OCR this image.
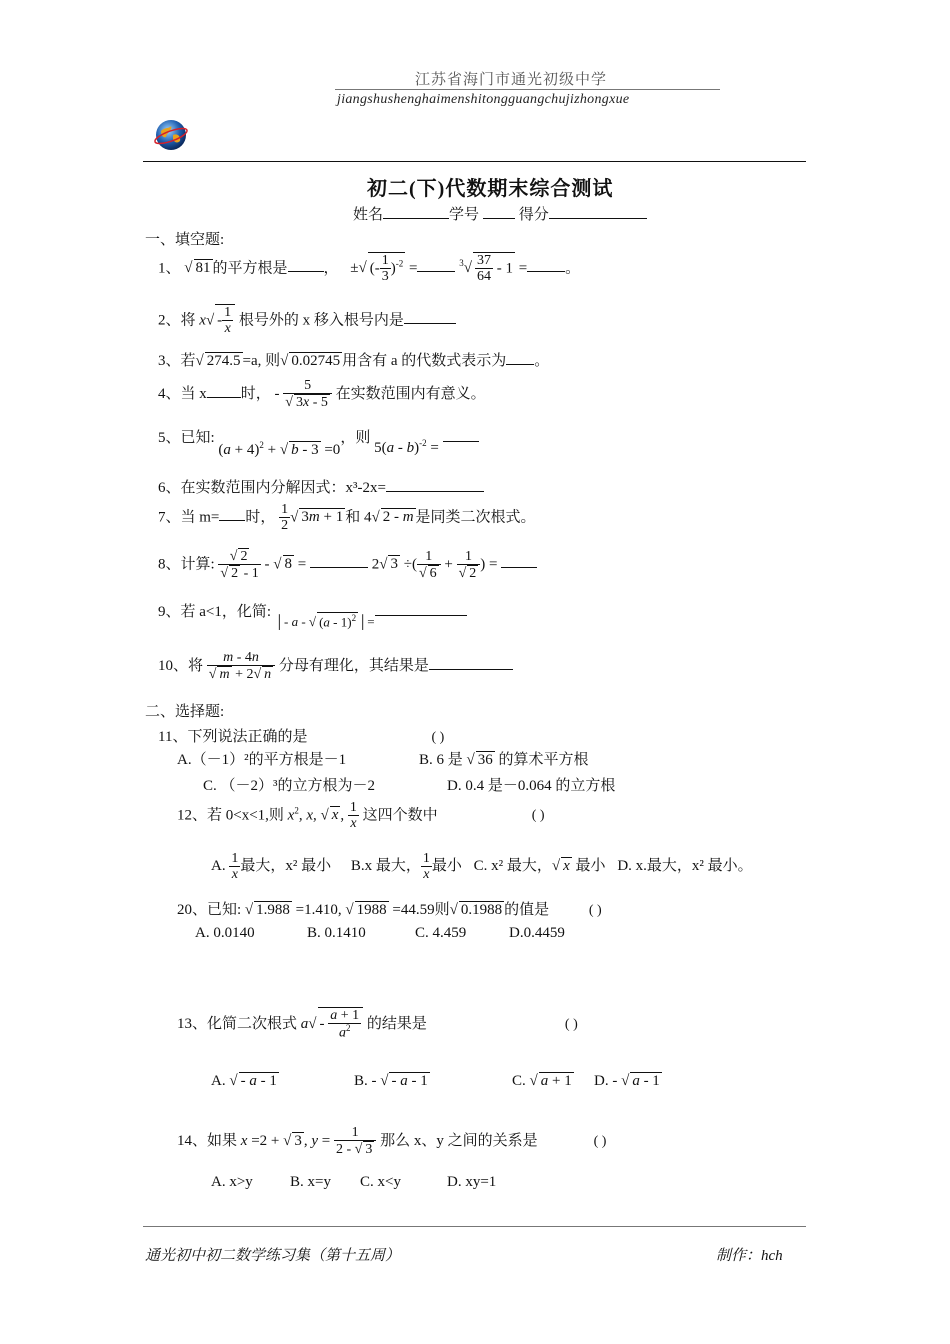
江苏省海门市通光初级中学
jiangshushenghaimenshitongguangchujizhongxue
初二(下)代数期末综合测试
姓名	学号	得分
一、填空题:
1、 √ 81 的平方根是 ， ±√ (- $\frac{1}{3} )^{-2}$ =	$^3√ \frac{37}{64} - 1$ =	。
2、将 $x√ - \frac{1}{x}$ 根号外的 x 移入根号内是
3、若√ 274.5 =a, 则√ 0.02745 用含有 a 的代数式表示为 。
4、当 x 时， - $\frac{5}{√ 3x - 5}$ 在实数范围内有意义。
5、已知: $(a + 4)^2$ + √ b - 3 =0，则 5(a - b)$^{-2}$ =
6、在实数范围内分解因式：x³-2x=
7、当 m= 时， $\frac{1}{2}$ √ 3m + 1 和 4√ 2 - m 是同类二次根式。
8、计算: $\frac{√ 2}{√ 2 - 1}$ - √ 8 =	2√ 3 ÷( $\frac{1}{√ 6} + \frac{1}{√ 2}$ ) =
9、若 a<1，化简: │- a - √ (a - 1)$^2$ │=
10、将 $\frac{m - 4n}{√ m + 2√ n}$ 分母有理化，其结果是
二、选择题:
11、下列说法正确的是	( )
A.（－1）²的平方根是－1	B. 6 是 √ 36 的算术平方根
C. （－2）³的立方根为－2	D. 0.4 是－0.064 的立方根
12、若 0<x<1,则 $x^2$, x, √ x , $\frac{1}{x}$ 这四个数中	( )
A. $\frac{1}{x}$ 最大，x² 最小 B.x 最大， $\frac{1}{x}$ 最小 C. x² 最大，√ x 最小 D. x.最大，x² 最小。
20、已知: √ 1.988 =1.410, √ 1988 =44.59则√ 0.1988 的值是	( )
A. 0.0140	B. 0.1410	C. 4.459	D.0.4459
13、化简二次根式 $a√ - \frac{a + 1}{a^2}$ 的结果是	( )
A. √ - a - 1	B. - √ - a - 1	C. √ a + 1 D. - √ a - 1
14、如果 x =2 + √ 3 , $y = \frac{1}{2 - √ 3}$ 那么 x、y 之间的关系是	( )
A. x>y B. x=y C. x<y	D. xy=1
通光初中初二数学练习集（第十五周）	制作：hch
